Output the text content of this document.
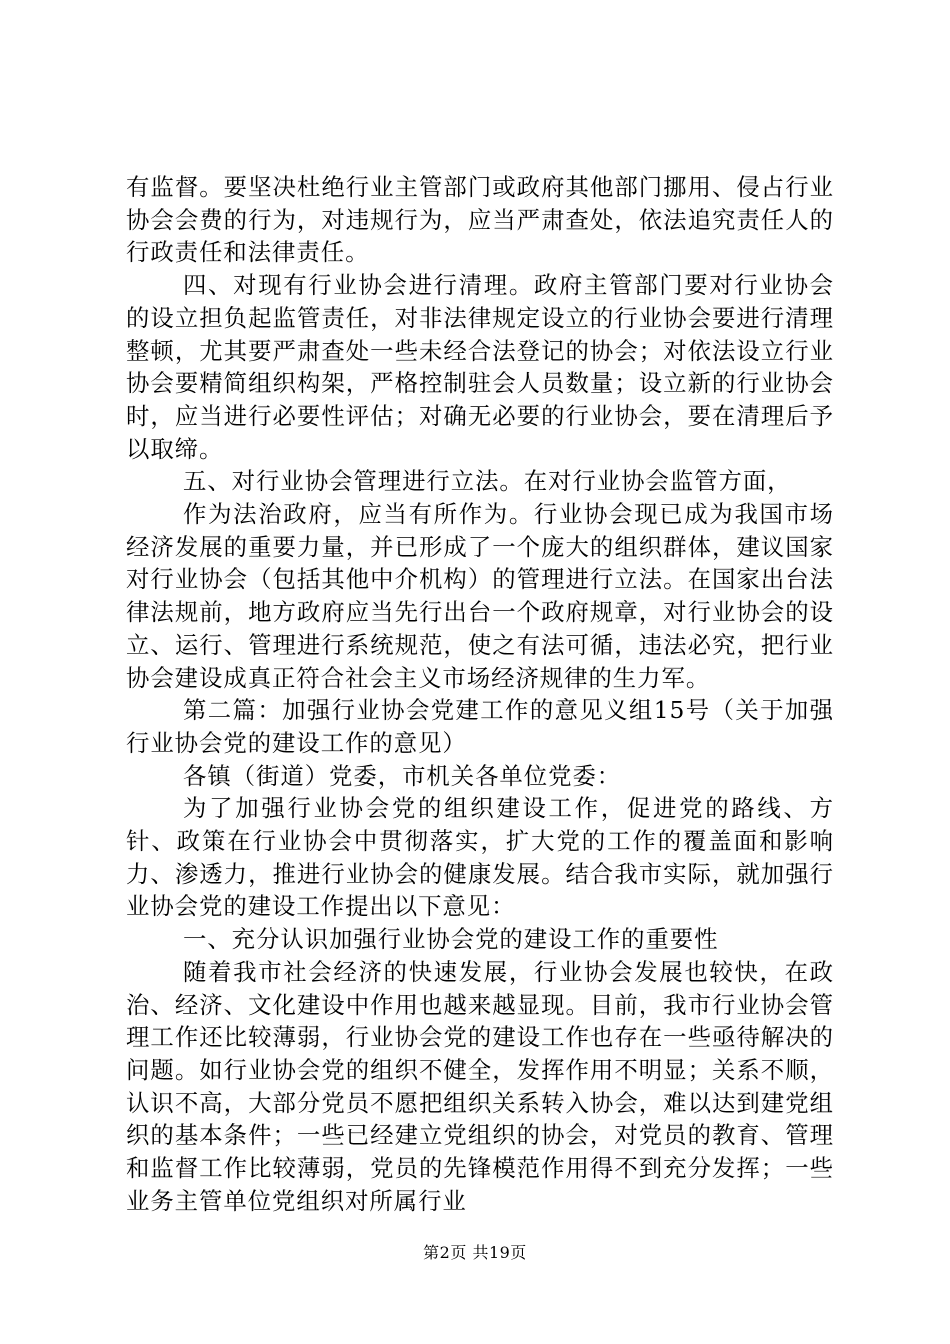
有监督。要坚决杜绝行业主管部门或政府其他部门挪用、侵占行业协会会费的行为，对违规行为，应当严肃查处，依法追究责任人的行政责任和法律责任。

四、对现有行业协会进行清理。政府主管部门要对行业协会的设立担负起监管责任，对非法律规定设立的行业协会要进行清理整顿，尤其要严肃查处一些未经合法登记的协会；对依法设立行业协会要精简组织构架，严格控制驻会人员数量；设立新的行业协会时，应当进行必要性评估；对确无必要的行业协会，要在清理后予以取缔。

五、对行业协会管理进行立法。在对行业协会监管方面，

作为法治政府，应当有所作为。行业协会现已成为我国市场经济发展的重要力量，并已形成了一个庞大的组织群体，建议国家对行业协会（包括其他中介机构）的管理进行立法。在国家出台法律法规前，地方政府应当先行出台一个政府规章，对行业协会的设立、运行、管理进行系统规范，使之有法可循，违法必究，把行业协会建设成真正符合社会主义市场经济规律的生力军。

第二篇：加强行业协会党建工作的意见义组15号（关于加强行业协会党的建设工作的意见）

各镇（街道）党委，市机关各单位党委：

为了加强行业协会党的组织建设工作，促进党的路线、方针、政策在行业协会中贯彻落实，扩大党的工作的覆盖面和影响力、渗透力，推进行业协会的健康发展。结合我市实际，就加强行业协会党的建设工作提出以下意见：

一、充分认识加强行业协会党的建设工作的重要性

随着我市社会经济的快速发展，行业协会发展也较快，在政治、经济、文化建设中作用也越来越显现。目前，我市行业协会管理工作还比较薄弱，行业协会党的建设工作也存在一些亟待解决的问题。如行业协会党的组织不健全，发挥作用不明显；关系不顺，认识不高，大部分党员不愿把组织关系转入协会，难以达到建党组织的基本条件；一些已经建立党组织的协会，对党员的教育、管理和监督工作比较薄弱，党员的先锋模范作用得不到充分发挥；一些业务主管单位党组织对所属行业

第2页 共19页
